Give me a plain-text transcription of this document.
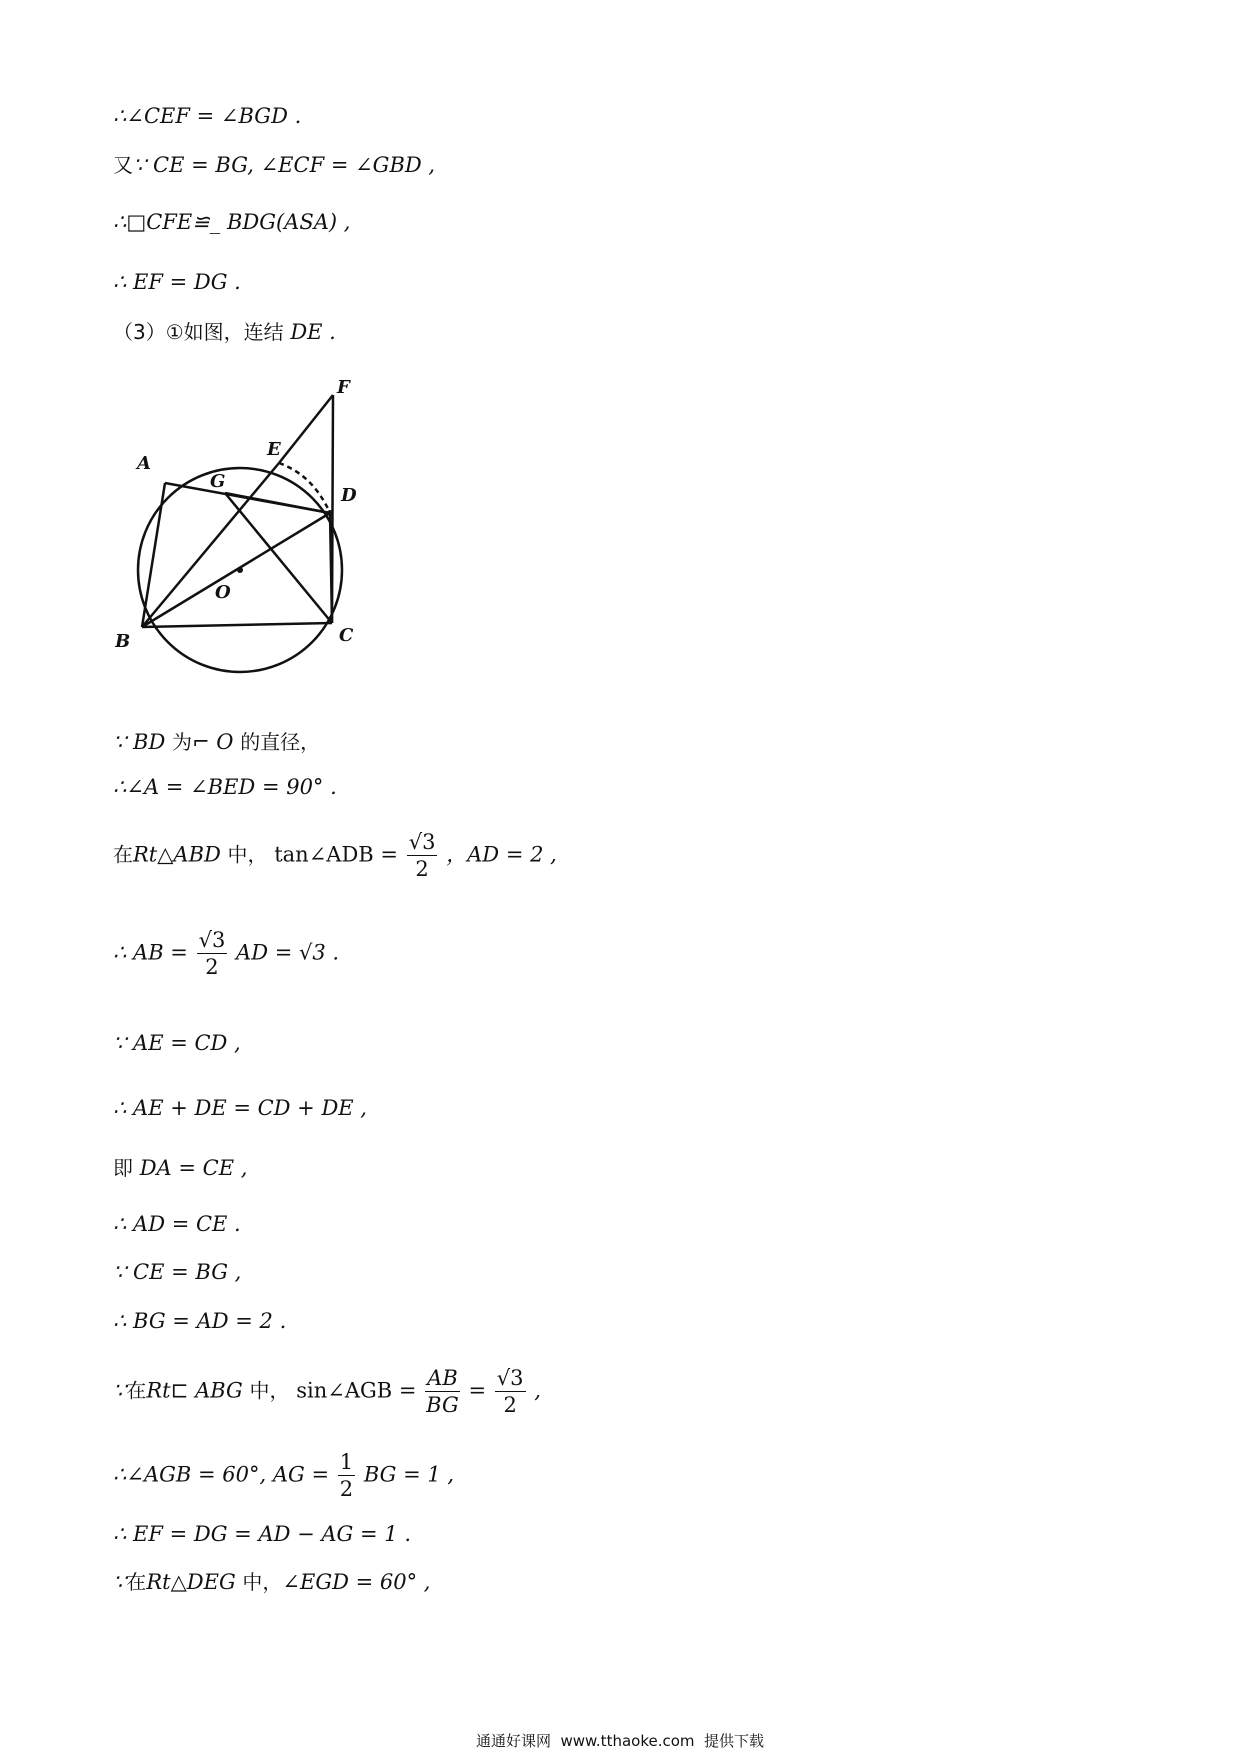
∴∠CEF = ∠BGD .
又∵ CE = BG, ∠ECF = ∠GBD ,
∴□CFE≌_ BDG(ASA) ,
∴ EF = DG .
（3）①如图，连结 DE .
A
B	C
D
E
F
G
O
∵ BD 为⌐ O 的直径，
∴∠A = ∠BED = 90° .
在Rt△ABD 中， tan∠ADB = $\frac{√3}{2}$ ，AD = 2 ,
∴ AB = $\frac{√3}{2}$ AD = √3 .
∵ AE = CD ,
∴ AE + DE = CD + DE ,
即 DA = CE ,
∴ AD = CE .
∵ CE = BG ,
∴ BG = AD = 2 .
∵在Rt⊏ ABG 中， sin∠AGB = $\frac{AB}{BG} = \frac{√3}{2}$ ,
∴∠AGB = 60°, AG = $\frac{1}{2}$ BG = 1 ,
∴ EF = DG = AD − AG = 1 .
∵在Rt△DEG 中，∠EGD = 60° ,
通通好课网  www.tthaoke.com  提供下载
